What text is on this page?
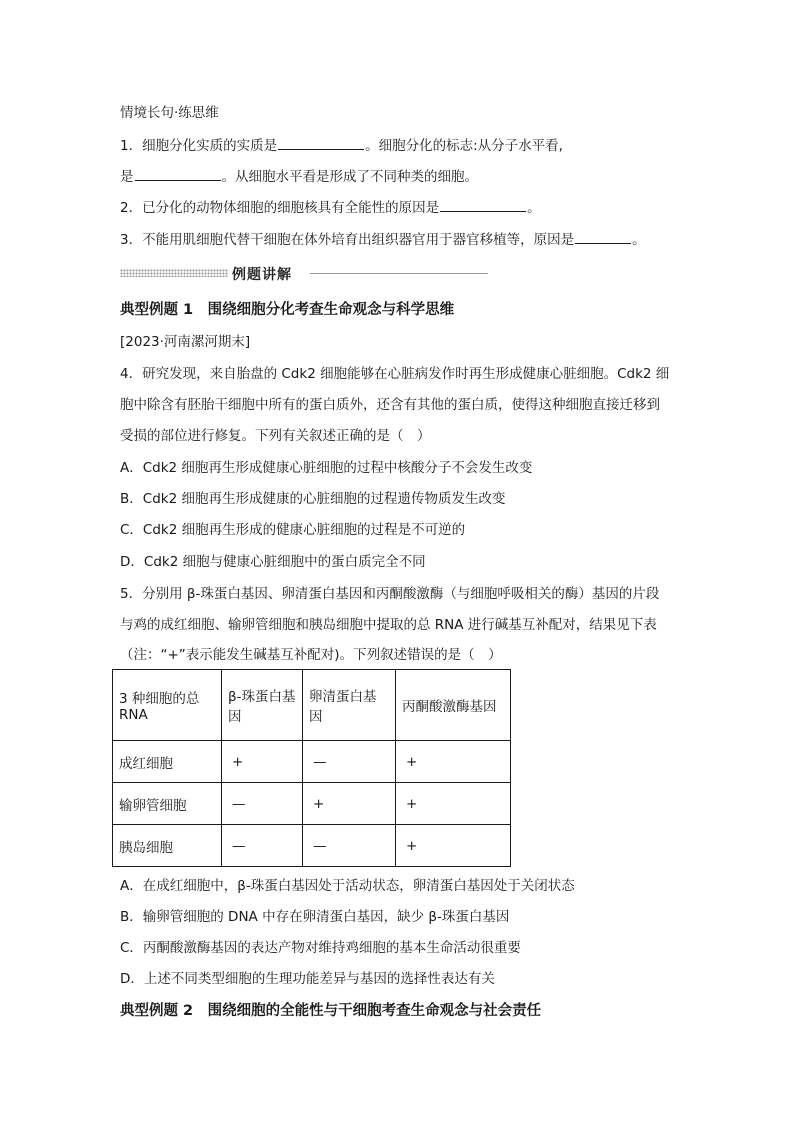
情境长句·练思维
1．细胞分化实质的实质是	。细胞分化的标志:从分子水平看,
是	。从细胞水平看是形成了不同种类的细胞。
2．已分化的动物体细胞的细胞核具有全能性的原因是	。
3．不能用肌细胞代替干细胞在体外培育出组织器官用于器官移植等，原因是	。
例题讲解
典型例题 1　围绕细胞分化考查生命观念与科学思维
[2023·河南漯河期末]
4．研究发现，来自胎盘的 Cdk2 细胞能够在心脏病发作时再生形成健康心脏细胞。Cdk2 细
胞中除含有胚胎干细胞中所有的蛋白质外，还含有其他的蛋白质，使得这种细胞直接迁移到
受损的部位进行修复。下列有关叙述正确的是（　）
A．Cdk2 细胞再生形成健康心脏细胞的过程中核酸分子不会发生改变
B．Cdk2 细胞再生形成健康的心脏细胞的过程遗传物质发生改变
C．Cdk2 细胞再生形成的健康心脏细胞的过程是不可逆的
D．Cdk2 细胞与健康心脏细胞中的蛋白质完全不同
5．分别用 β-珠蛋白基因、卵清蛋白基因和丙酮酸激酶（与细胞呼吸相关的酶）基因的片段
与鸡的成红细胞、输卵管细胞和胰岛细胞中提取的总 RNA 进行碱基互补配对，结果见下表
（注：“+”表示能发生碱基互补配对)。下列叙述错误的是（　）
3 种细胞的总 RNA	β-珠蛋白基因	卵清蛋白基因	丙酮酸激酶基因
成红细胞	+	—	+
输卵管细胞	—	+	+
胰岛细胞	—	—	+
A．在成红细胞中，β-珠蛋白基因处于活动状态，卵清蛋白基因处于关闭状态
B．输卵管细胞的 DNA 中存在卵清蛋白基因，缺少 β-珠蛋白基因
C．丙酮酸激酶基因的表达产物对维持鸡细胞的基本生命活动很重要
D．上述不同类型细胞的生理功能差异与基因的选择性表达有关
典型例题 2　围绕细胞的全能性与干细胞考查生命观念与社会责任
